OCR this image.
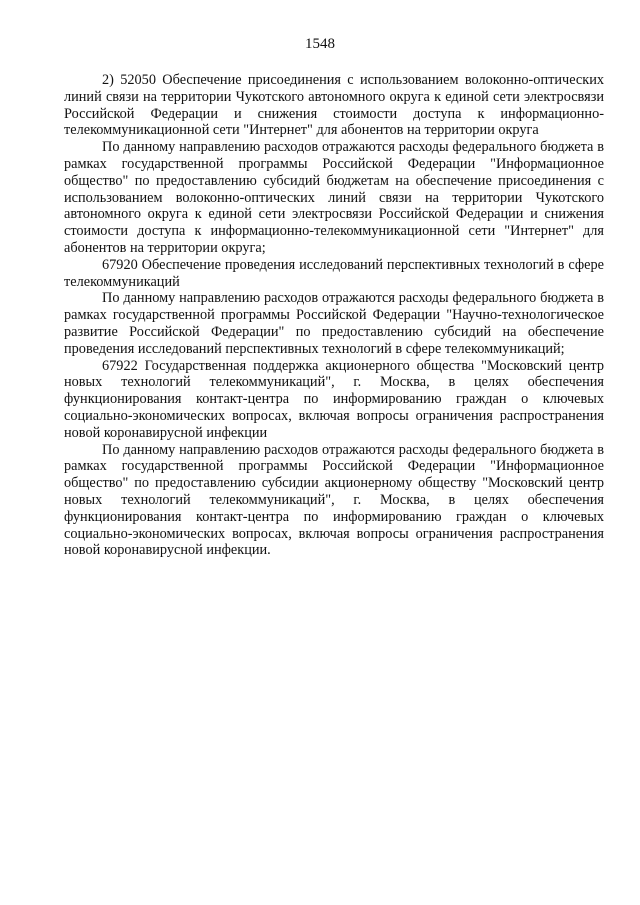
1548

2) 52050 Обеспечение присоединения с использованием волоконно-оптических линий связи на территории Чукотского автономного округа к единой сети электросвязи Российской Федерации и снижения стоимости доступа к информационно-телекоммуникационной сети "Интернет" для абонентов на территории округа

По данному направлению расходов отражаются расходы федерального бюджета в рамках государственной программы Российской Федерации "Информационное общество" по предоставлению субсидий бюджетам на обеспечение присоединения с использованием волоконно-оптических линий связи на территории Чукотского автономного округа к единой сети электросвязи Российской Федерации и снижения стоимости доступа к информационно-телекоммуникационной сети "Интернет" для абонентов на территории округа;

67920 Обеспечение проведения исследований перспективных технологий в сфере телекоммуникаций

По данному направлению расходов отражаются расходы федерального бюджета в рамках государственной программы Российской Федерации "Научно-технологическое развитие Российской Федерации" по предоставлению субсидий на обеспечение проведения исследований перспективных технологий в сфере телекоммуникаций;

67922 Государственная поддержка акционерного общества "Московский центр новых технологий телекоммуникаций", г. Москва, в целях обеспечения функционирования контакт-центра по информированию граждан о ключевых социально-экономических вопросах, включая вопросы ограничения распространения новой коронавирусной инфекции

По данному направлению расходов отражаются расходы федерального бюджета в рамках государственной программы Российской Федерации "Информационное общество" по предоставлению субсидии акционерному обществу "Московский центр новых технологий телекоммуникаций", г. Москва, в целях обеспечения функционирования контакт-центра по информированию граждан о ключевых социально-экономических вопросах, включая вопросы ограничения распространения новой коронавирусной инфекции.
